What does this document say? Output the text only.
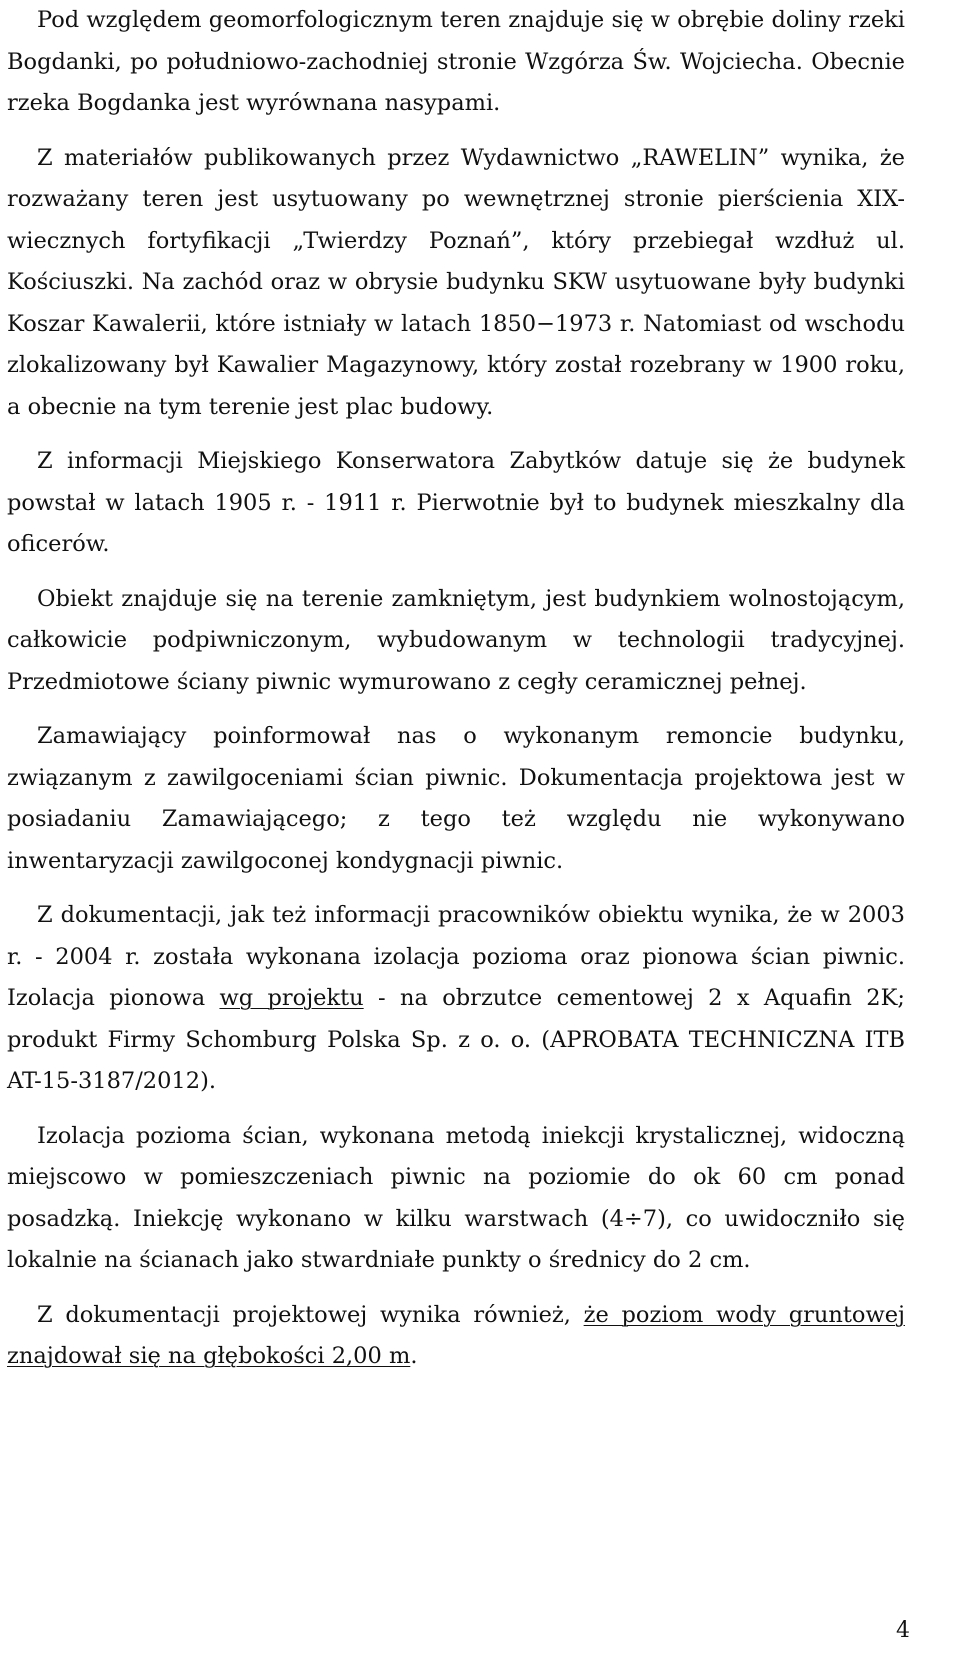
Pod względem geomorfologicznym teren znajduje się w obrębie doliny rzeki Bogdanki, po południowo-zachodniej stronie Wzgórza Św. Wojciecha. Obecnie rzeka Bogdanka jest wyrównana nasypami.

Z materiałów publikowanych przez Wydawnictwo „RAWELIN” wynika, że rozważany teren jest usytuowany po wewnętrznej stronie pierścienia XIX-wiecznych fortyfikacji „Twierdzy Poznań”, który przebiegał wzdłuż ul. Kościuszki. Na zachód oraz w obrysie budynku SKW usytuowane były budynki Koszar Kawalerii, które istniały w latach 1850−1973 r. Natomiast od wschodu zlokalizowany był Kawalier Magazynowy, który został rozebrany w 1900 roku, a obecnie na tym terenie jest plac budowy.

Z informacji Miejskiego Konserwatora Zabytków datuje się że budynek powstał w latach 1905 r. - 1911 r. Pierwotnie był to budynek mieszkalny dla oficerów.

Obiekt znajduje się na terenie zamkniętym, jest budynkiem wolnostojącym, całkowicie podpiwniczonym, wybudowanym w technologii tradycyjnej. Przedmiotowe ściany piwnic wymurowano z cegły ceramicznej pełnej.

Zamawiający poinformował nas o wykonanym remoncie budynku, związanym z zawilgoceniami ścian piwnic. Dokumentacja projektowa jest w posiadaniu Zamawiającego; z tego też względu nie wykonywano inwentaryzacji zawilgoconej kondygnacji piwnic.

Z dokumentacji, jak też informacji pracowników obiektu wynika, że w 2003 r. - 2004 r. została wykonana izolacja pozioma oraz pionowa ścian piwnic. Izolacja pionowa wg projektu - na obrzutce cementowej 2 x Aquafin 2K; produkt Firmy Schomburg Polska Sp. z o. o. (APROBATA TECHNICZNA ITB AT-15-3187/2012).

Izolacja pozioma ścian, wykonana metodą iniekcji krystalicznej, widoczną miejscowo w pomieszczeniach piwnic na poziomie do ok 60 cm ponad posadzką. Iniekcję wykonano w kilku warstwach (4÷7), co uwidoczniło się lokalnie na ścianach jako stwardniałe punkty o średnicy do 2 cm.

Z dokumentacji projektowej wynika również, że poziom wody gruntowej znajdował się na głębokości 2,00 m.

4
